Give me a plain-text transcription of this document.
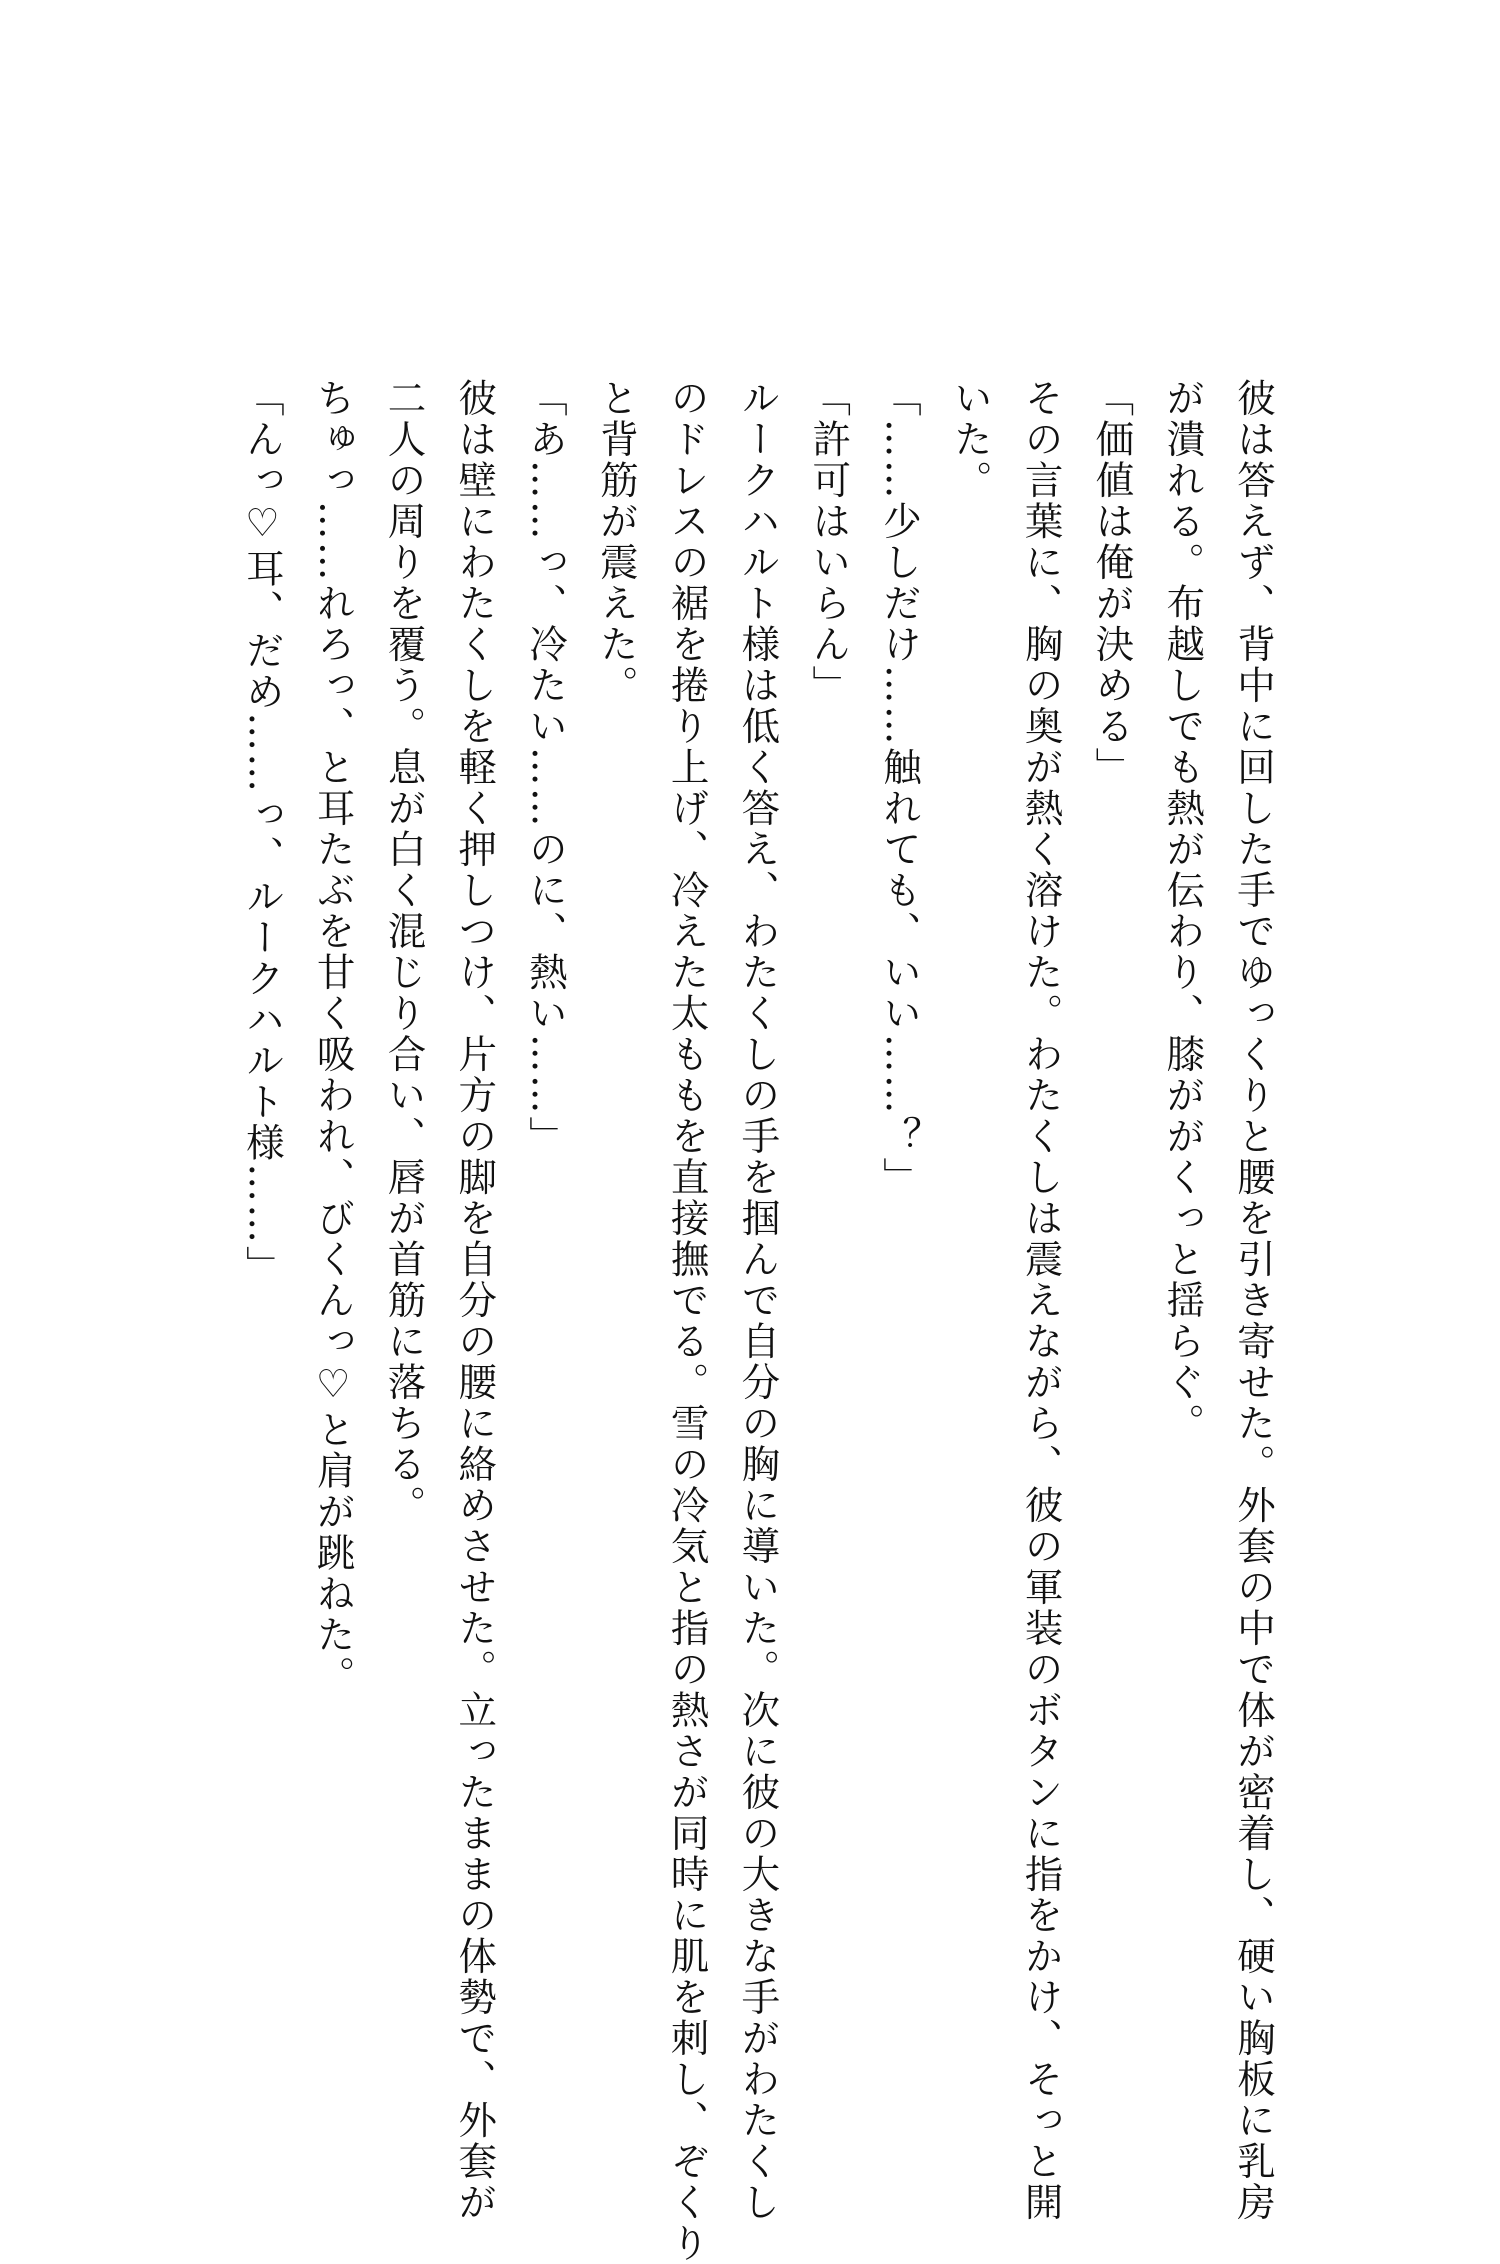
彼は答えず、背中に回した手でゆっくりと腰を引き寄せた。外套の中で体が密着し、硬い胸板に乳房
が潰れる。布越しでも熱が伝わり、膝ががくっと揺らぐ。
「価値は俺が決める」
その言葉に、胸の奥が熱く溶けた。わたくしは震えながら、彼の軍装のボタンに指をかけ、そっと開
いた。
「……少しだけ……触れても、いい……？」
「許可はいらん」
ルークハルト様は低く答え、わたくしの手を掴んで自分の胸に導いた。次に彼の大きな手がわたくし
のドレスの裾を捲り上げ、冷えた太ももを直接撫でる。雪の冷気と指の熱さが同時に肌を刺し、ぞくり
と背筋が震えた。
「あ……っ、冷たい……のに、熱い……」
彼は壁にわたくしを軽く押しつけ、片方の脚を自分の腰に絡めさせた。立ったままの体勢で、外套が
二人の周りを覆う。息が白く混じり合い、唇が首筋に落ちる。
ちゅっ……れろっ、と耳たぶを甘く吸われ、びくんっ♡と肩が跳ねた。
「んっ♡耳、だめ……っ、ルークハルト様……」
